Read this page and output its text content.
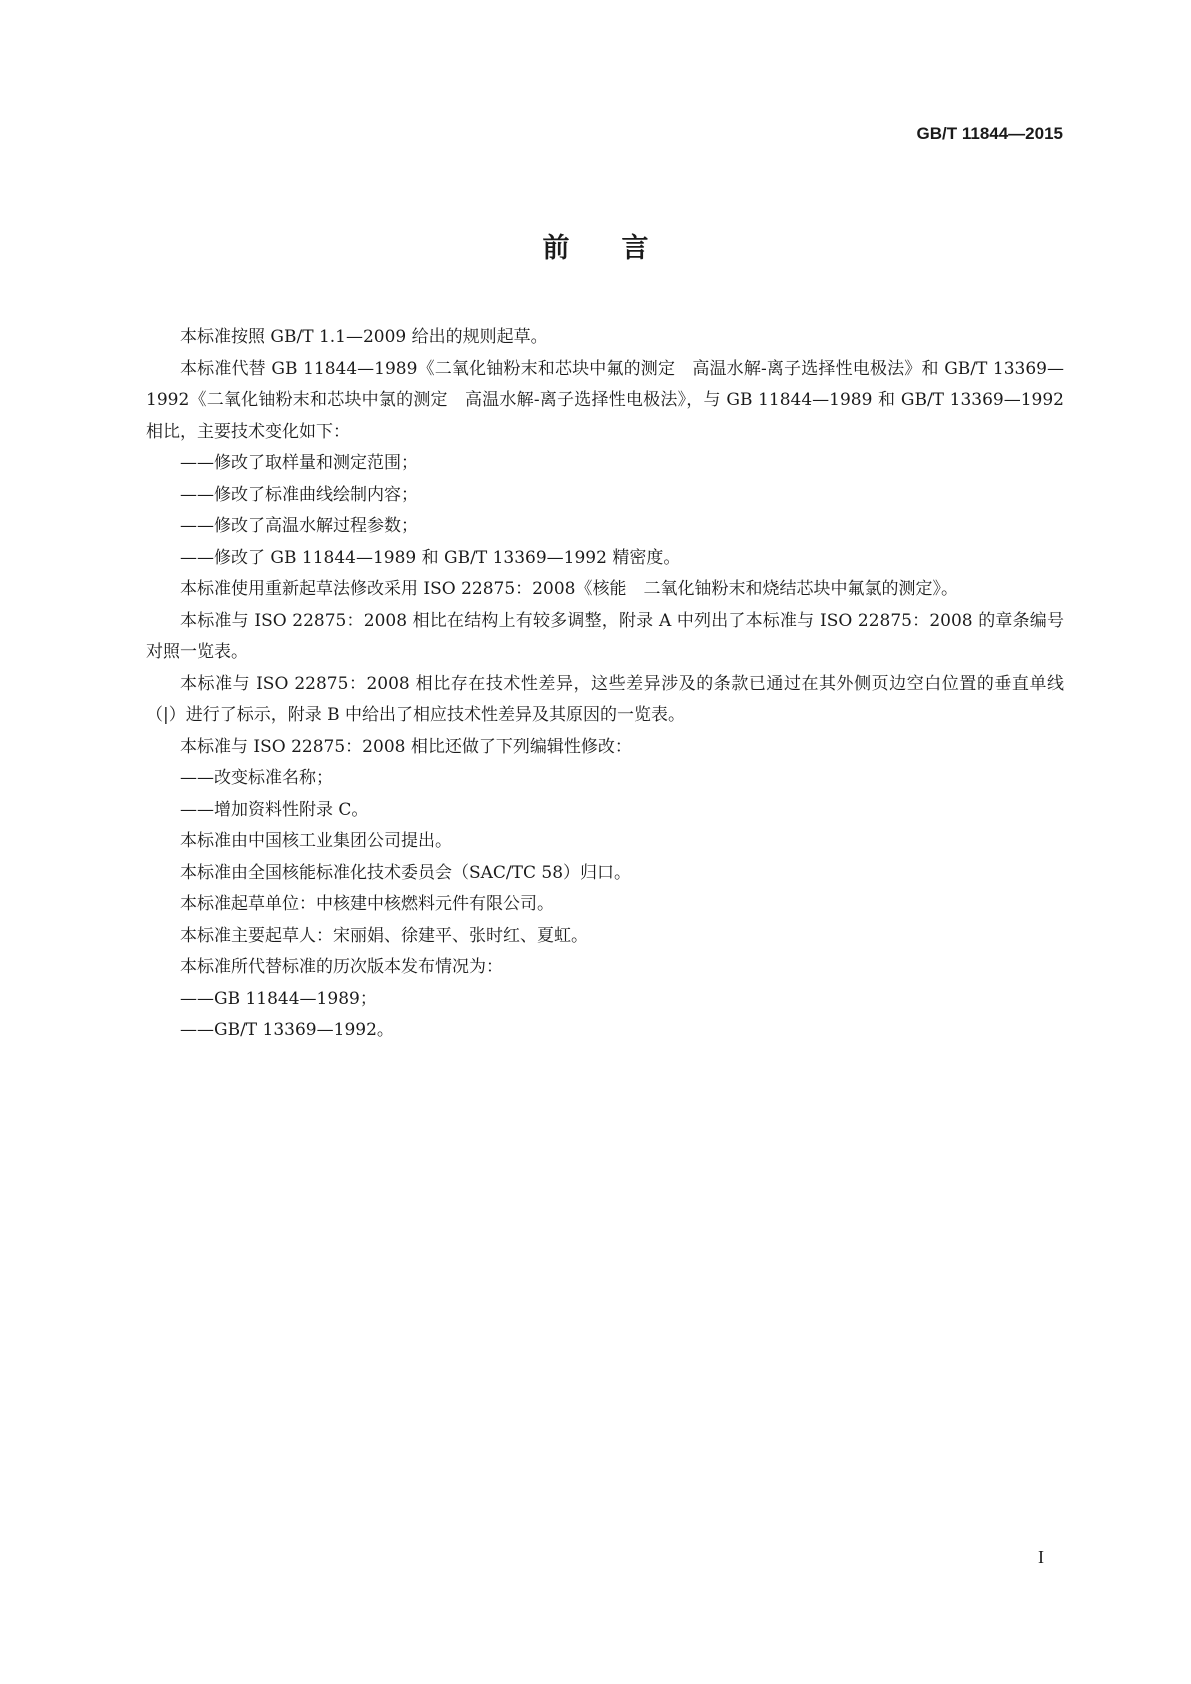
GB/T 11844—2015
前言

本标准按照 GB/T 1.1—2009 给出的规则起草。

本标准代替 GB 11844—1989《二氧化铀粉末和芯块中氟的测定　高温水解-离子选择性电极法》和 GB/T 13369—1992《二氧化铀粉末和芯块中氯的测定　高温水解-离子选择性电极法》，与 GB 11844—1989 和 GB/T 13369—1992 相比，主要技术变化如下：

——修改了取样量和测定范围；

——修改了标准曲线绘制内容；

——修改了高温水解过程参数；

——修改了 GB 11844—1989 和 GB/T 13369—1992 精密度。

本标准使用重新起草法修改采用 ISO 22875：2008《核能　二氧化铀粉末和烧结芯块中氟氯的测定》。

本标准与 ISO 22875：2008 相比在结构上有较多调整，附录 A 中列出了本标准与 ISO 22875：2008 的章条编号对照一览表。

本标准与 ISO 22875：2008 相比存在技术性差异，这些差异涉及的条款已通过在其外侧页边空白位置的垂直单线（|）进行了标示，附录 B 中给出了相应技术性差异及其原因的一览表。

本标准与 ISO 22875：2008 相比还做了下列编辑性修改：

——改变标准名称；

——增加资料性附录 C。

本标准由中国核工业集团公司提出。

本标准由全国核能标准化技术委员会（SAC/TC 58）归口。

本标准起草单位：中核建中核燃料元件有限公司。

本标准主要起草人：宋丽娟、徐建平、张时红、夏虹。

本标准所代替标准的历次版本发布情况为：

——GB 11844—1989；

——GB/T 13369—1992。

I
